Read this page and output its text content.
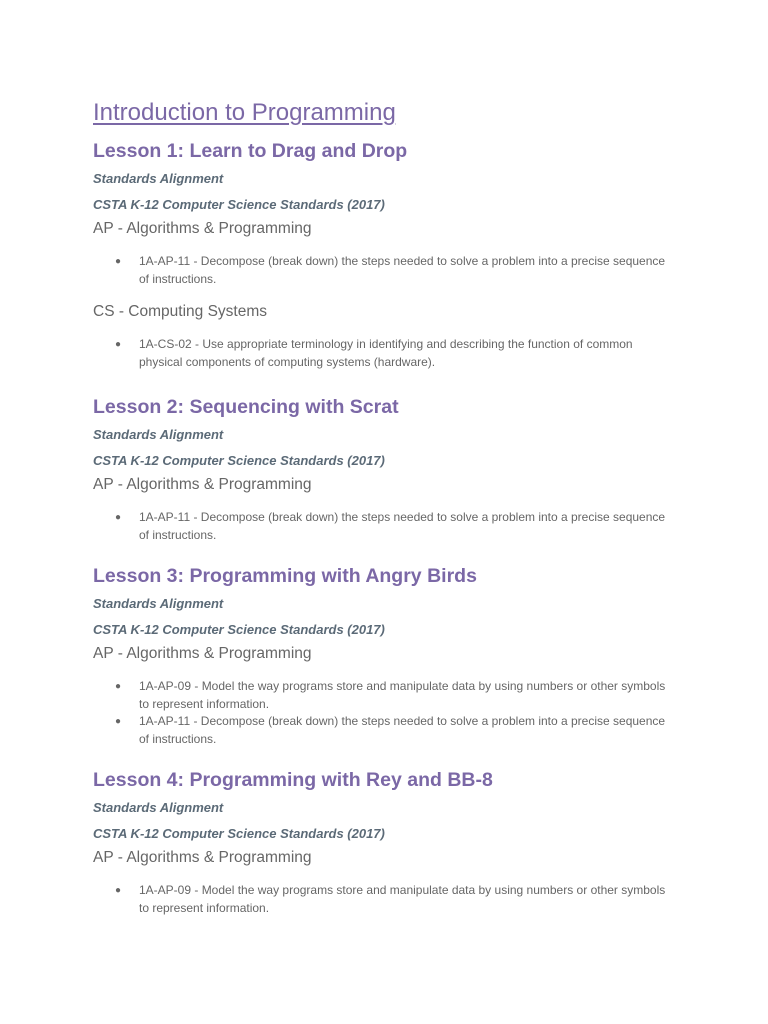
Introduction to Programming
Lesson 1: Learn to Drag and Drop

Standards Alignment

CSTA K-12 Computer Science Standards (2017)

AP - Algorithms & Programming

● 1A-AP-11 - Decompose (break down) the steps needed to solve a problem into a precise sequence of instructions.

CS - Computing Systems

● 1A-CS-02 - Use appropriate terminology in identifying and describing the function of common physical components of computing systems (hardware).
Lesson 2: Sequencing with Scrat

Standards Alignment

CSTA K-12 Computer Science Standards (2017)

AP - Algorithms & Programming

● 1A-AP-11 - Decompose (break down) the steps needed to solve a problem into a precise sequence of instructions.
Lesson 3: Programming with Angry Birds

Standards Alignment

CSTA K-12 Computer Science Standards (2017)

AP - Algorithms & Programming

● 1A-AP-09 - Model the way programs store and manipulate data by using numbers or other symbols to represent information.
● 1A-AP-11 - Decompose (break down) the steps needed to solve a problem into a precise sequence of instructions.
Lesson 4: Programming with Rey and BB-8

Standards Alignment

CSTA K-12 Computer Science Standards (2017)

AP - Algorithms & Programming

● 1A-AP-09 - Model the way programs store and manipulate data by using numbers or other symbols to represent information.
